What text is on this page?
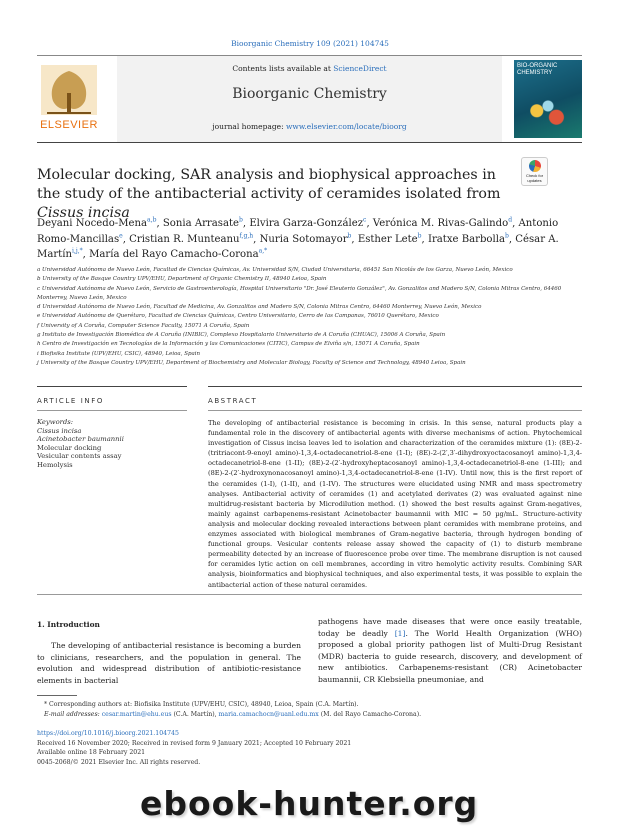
Bioorganic Chemistry 109 (2021) 104745
ELSEVIER
Contents lists available at ScienceDirect
Bioorganic Chemistry
journal homepage: www.elsevier.com/locate/bioorg
BIO-ORGANIC CHEMISTRY
Molecular docking, SAR analysis and biophysical approaches in the study of the antibacterial activity of ceramides isolated from Cissus incisa
Check for updates
Deyani Nocedo-Mena$^{a,b}$, Sonia Arrasate$^b$, Elvira Garza-González$^c$, Verónica M. Rivas-Galindo$^d$, Antonio Romo-Mancillas$^e$, Cristian R. Munteanu$^{f,g,h}$, Nuria Sotomayor$^b$, Esther Lete$^b$, Iratxe Barbolla$^b$, César A. Martín$^{i,j,*}$, María del Rayo Camacho-Corona$^{a,*}$

a Universidad Autónoma de Nuevo León, Facultad de Ciencias Químicas, Av. Universidad S/N, Ciudad Universitaria, 66451 San Nicolás de los Garza, Nuevo León, Mexico

b University of the Basque Country UPV/EHU, Department of Organic Chemistry II, 48940 Leioa, Spain

c Universidad Autónoma de Nuevo León, Servicio de Gastroenterología, Hospital Universitario "Dr. José Eleuterio González", Av. Gonzalitos and Madero S/N, Colonia Mitras Centro, 64460 Monterrey, Nuevo León, Mexico

d Universidad Autónoma de Nuevo León, Facultad de Medicina, Av. Gonzalitos and Madero S/N, Colonia Mitras Centro, 64460 Monterrey, Nuevo León, Mexico

e Universidad Autónoma de Querétaro, Facultad de Ciencias Químicas, Centro Universitario, Cerro de las Campanas, 76010 Querétaro, Mexico

f University of A Coruña, Computer Science Faculty, 15071 A Coruña, Spain

g Instituto de Investigación Biomédica de A Coruña (INIBIC), Complexo Hospitalario Universitario de A Coruña (CHUAC), 15006 A Coruña, Spain

h Centro de Investigación en Tecnologías de la Información y las Comunicaciones (CITIC), Campus de Elviña s/n, 15071 A Coruña, Spain

i Biofisika Institute (UPV/EHU, CSIC), 48940, Leioa, Spain

j University of the Basque Country UPV/EHU, Department of Biochemistry and Molecular Biology, Faculty of Science and Technology, 48940 Leioa, Spain

ARTICLE INFO	ABSTRACT
Keywords:
Cissus incisa
Acinetobacter baumannii
Molecular docking
Vesicular contents assay
Hemolysis
The developing of antibacterial resistance is becoming in crisis. In this sense, natural products play a fundamental role in the discovery of antibacterial agents with diverse mechanisms of action. Phytochemical investigation of Cissus incisa leaves led to isolation and characterization of the ceramides mixture (1): (8E)-2-(tritriacont-9-enoyl amino)-1,3,4-octadecanetriol-8-ene (1-I); (8E)-2-(2′,3′-dihydroxyoctacosanoyl amino)-1,3,4-octadecanetriol-8-ene (1-II); (8E)-2-(2′-hydroxyheptacosanoyl amino)-1,3,4-octadecanetriol-8-ene (1-III); and (8E)-2-(2′-hydroxynonacosanoyl amino)-1,3,4-octadecanetriol-8-ene (1-IV). Until now, this is the first report of the ceramides (1-I), (1-II), and (1-IV). The structures were elucidated using NMR and mass spectrometry analyses. Antibacterial activity of ceramides (1) and acetylated derivates (2) was evaluated against nine multidrug-resistant bacteria by Microdilution method. (1) showed the best results against Gram-negatives, mainly against carbapenems-resistant Acinetobacter baumannii with MIC = 50 µg/mL. Structure-activity analysis and molecular docking revealed interactions between plant ceramides with membrane proteins, and enzymes associated with biological membranes of Gram-negative bacteria, through hydrogen bonding of functional groups. Vesicular contents release assay showed the capacity of (1) to disturb membrane permeability detected by an increase of fluorescence probe over time. The membrane disruption is not caused for ceramides lytic action on cell membranes, according in vitro hemolytic activity results. Combining SAR analysis, bioinformatics and biophysical techniques, and also experimental tests, it was possible to explain the antibacterial action of these natural ceramides.
1. Introduction

The developing of antibacterial resistance is becoming a burden to clinicians, researchers, and the population in general. The evolution and widespread distribution of antibiotic-resistance elements in bacterial

pathogens have made diseases that were once easily treatable, today be deadly [1]. The World Health Organization (WHO) proposed a global priority pathogen list of Multi-Drug Resistant (MDR) bacteria to guide research, discovery, and development of new antibiotics. Carbapenems-resistant (CR) Acinetobacter baumannii, CR Klebsiella pneumoniae, and
* Corresponding authors at: Biofisika Institute (UPV/EHU, CSIC), 48940, Leioa, Spain (C.A. Martín).
E-mail addresses: cesar.martin@ehu.eus (C.A. Martín), maria.camachocn@uanl.edu.mx (M. del Rayo Camacho-Corona).
https://doi.org/10.1016/j.bioorg.2021.104745
Received 16 November 2020; Received in revised form 9 January 2021; Accepted 10 February 2021
Available online 18 February 2021
0045-2068/© 2021 Elsevier Inc. All rights reserved.
ebook-hunter.org
